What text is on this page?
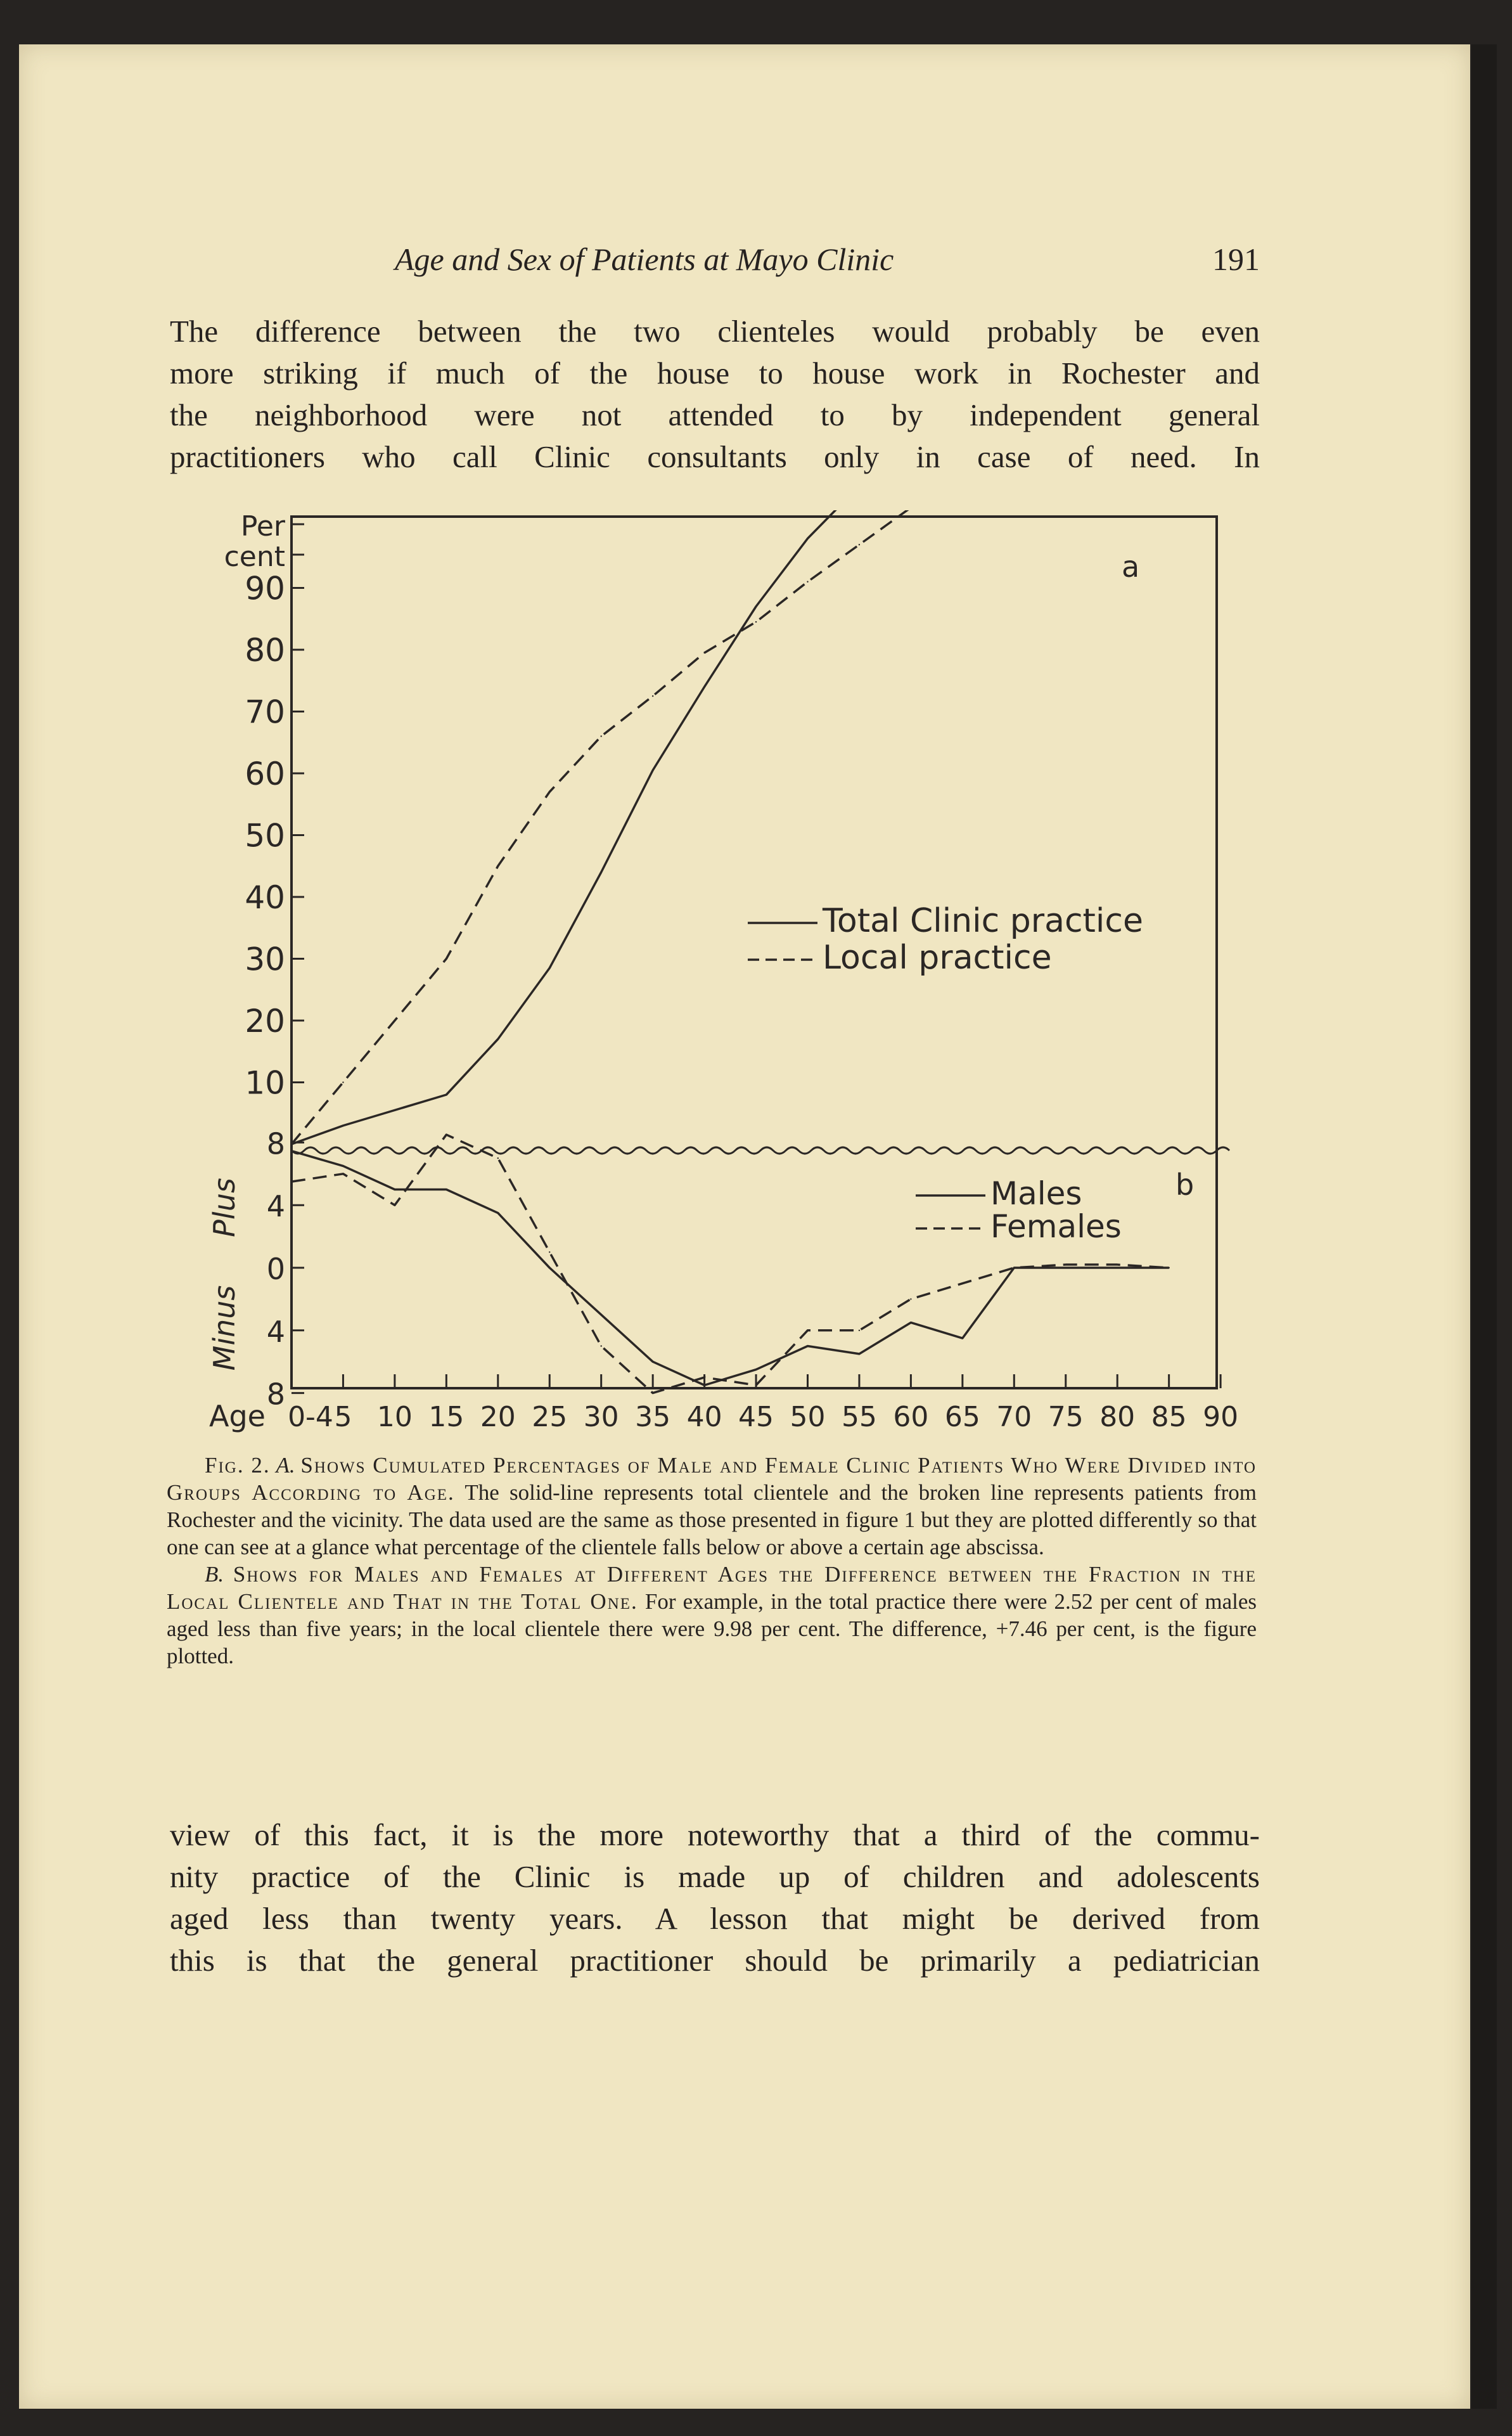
Age and Sex of Patients at Mayo Clinic	191
The difference between the two clienteles would probably be even
more striking if much of the house to house work in Rochester and
the neighborhood were not attended to by independent general
practitioners who call Clinic consultants only in case of need. In
90
80
70
60
50
40
30
20
10
Per cent	a
8
4
0
4
8
Plus
Minus
b
Age 0-4 5 10 15 20 25 30 35 40 45 50 55 60 65 70 75 80 85 90
Total Clinic practice
Local practice
Males
Females

Fig. 2. A. Shows Cumulated Percentages of Male and Female Clinic Patients Who Were Divided into Groups According to Age. The solid-line represents total clientele and the broken line represents patients from Rochester and the vicinity. The data used are the same as those presented in figure 1 but they are plotted differently so that one can see at a glance what percentage of the clientele falls below or above a certain age abscissa.

B. Shows for Males and Females at Different Ages the Difference between the Fraction in the Local Clientele and That in the Total One. For example, in the total practice there were 2.52 per cent of males aged less than five years; in the local clientele there were 9.98 per cent. The difference, +7.46 per cent, is the figure plotted.

view of this fact, it is the more noteworthy that a third of the commu-
nity practice of the Clinic is made up of children and adolescents
aged less than twenty years. A lesson that might be derived from
this is that the general practitioner should be primarily a pediatrician
